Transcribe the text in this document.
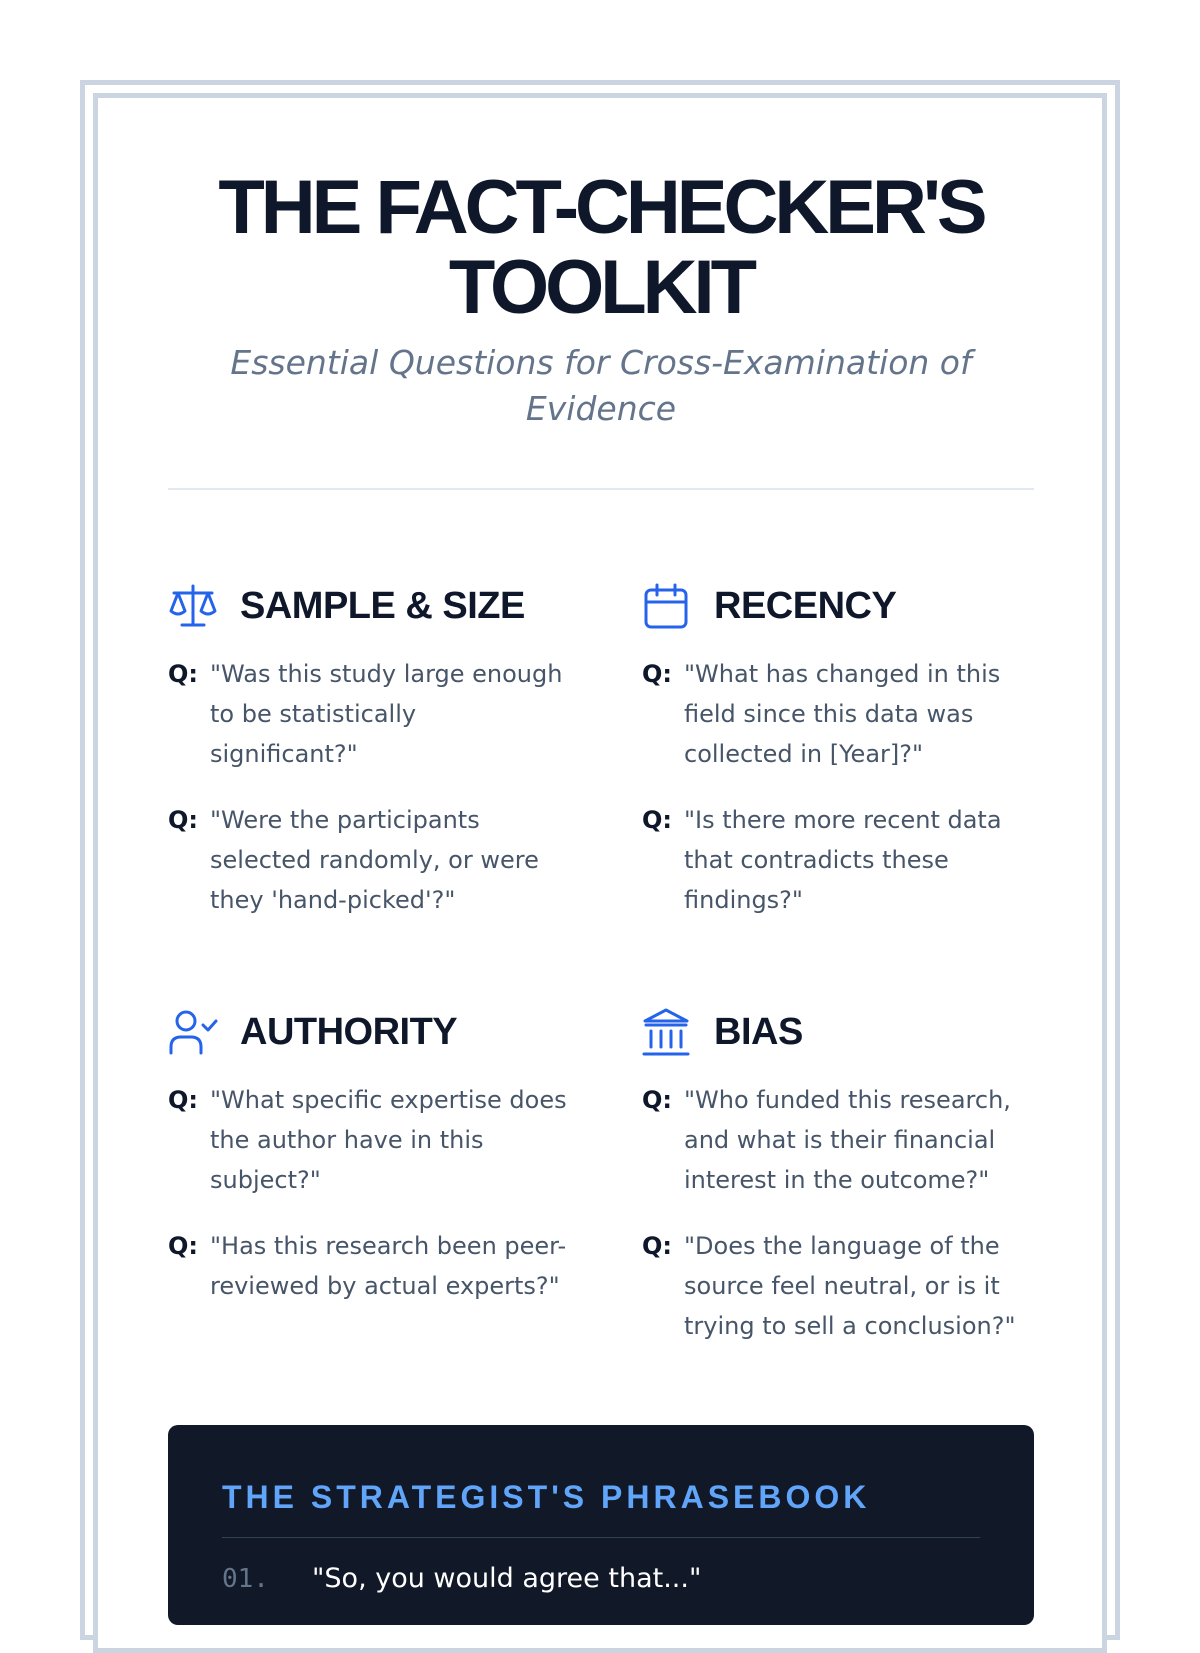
THE FACT-CHECKER'S
TOOLKIT

Essential Questions for Cross-Examination of
Evidence

SAMPLE & SIZE
Q: "Was this study large enough to be statistically significant?"
Q: "Were the participants selected randomly, or were they 'hand-picked'?"
RECENCY
Q: "What has changed in this field since this data was collected in [Year]?"
Q: "Is there more recent data that contradicts these findings?"
AUTHORITY
Q: "What specific expertise does the author have in this subject?"
Q: "Has this research been peer-reviewed by actual experts?"
BIAS
Q: "Who funded this research, and what is their financial interest in the outcome?"
Q: "Does the language of the source feel neutral, or is it trying to sell a conclusion?"
THE STRATEGIST'S PHRASEBOOK
01.	"So, you would agree that..."
